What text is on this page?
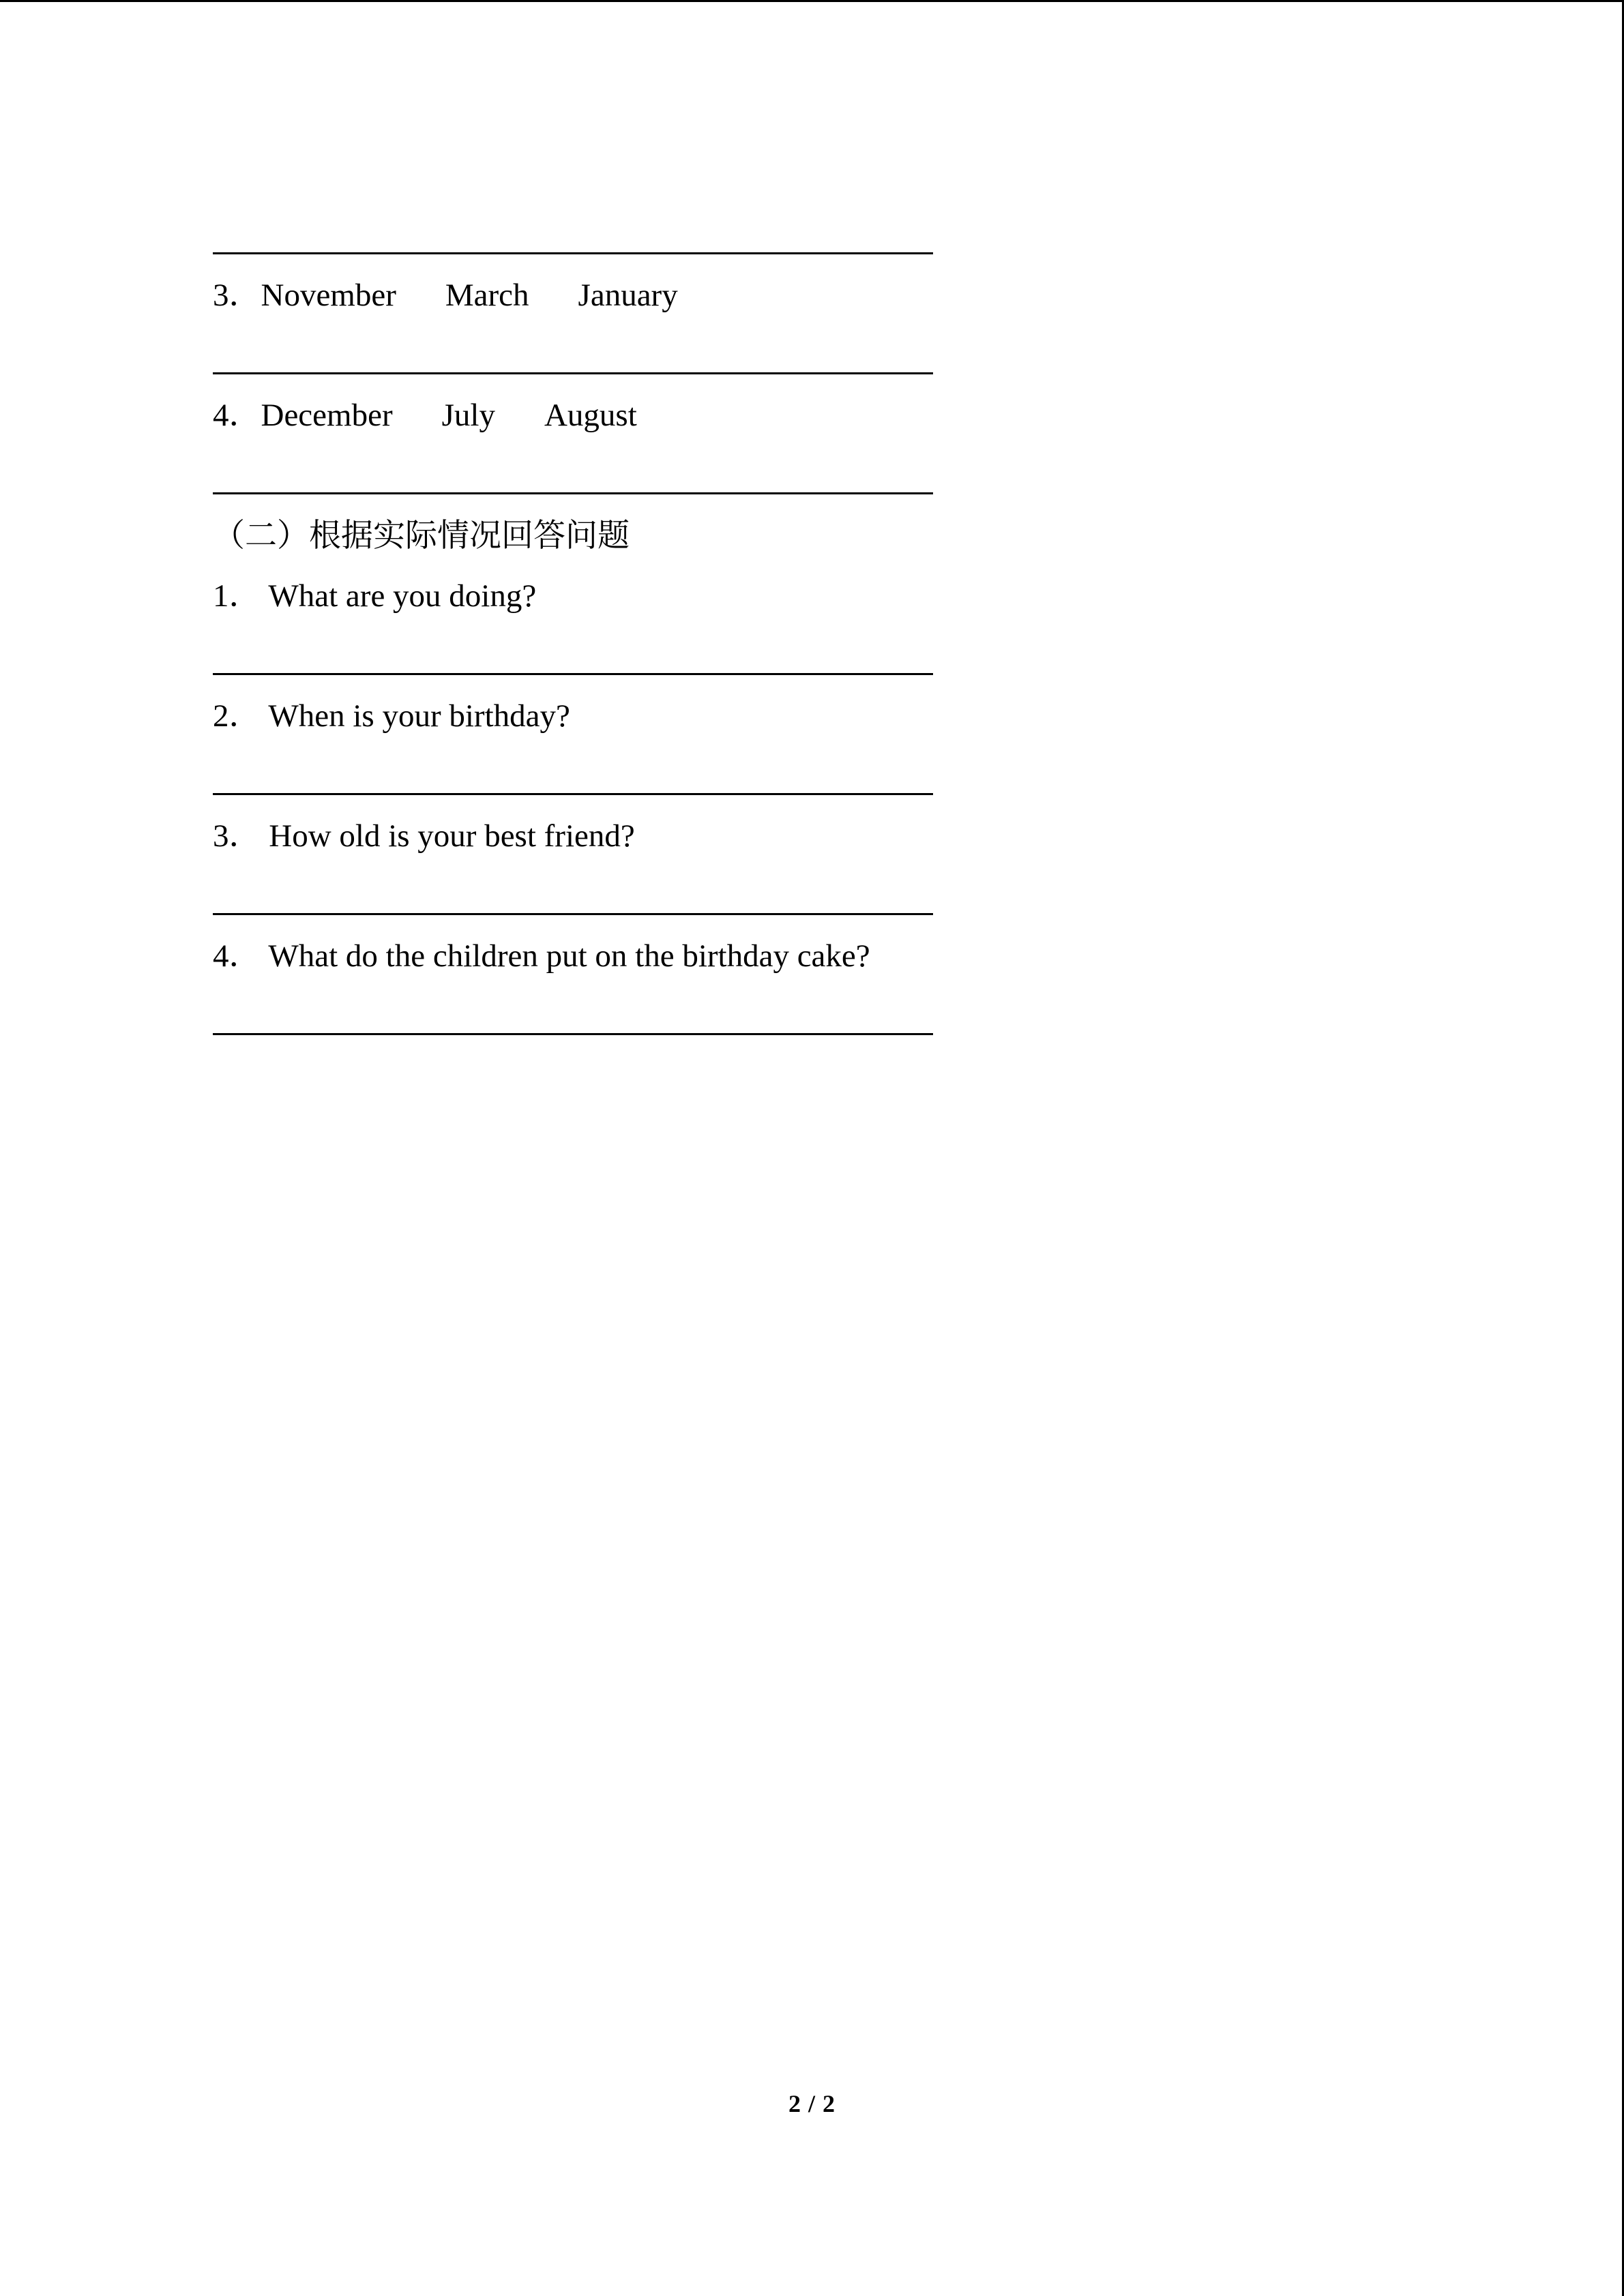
3．November March January
4．December July August
（二）根据实际情况回答问题
1． What are you doing?
2． When is your birthday?
3． How old is your best friend?
4． What do the children put on the birthday cake?
2 / 2
